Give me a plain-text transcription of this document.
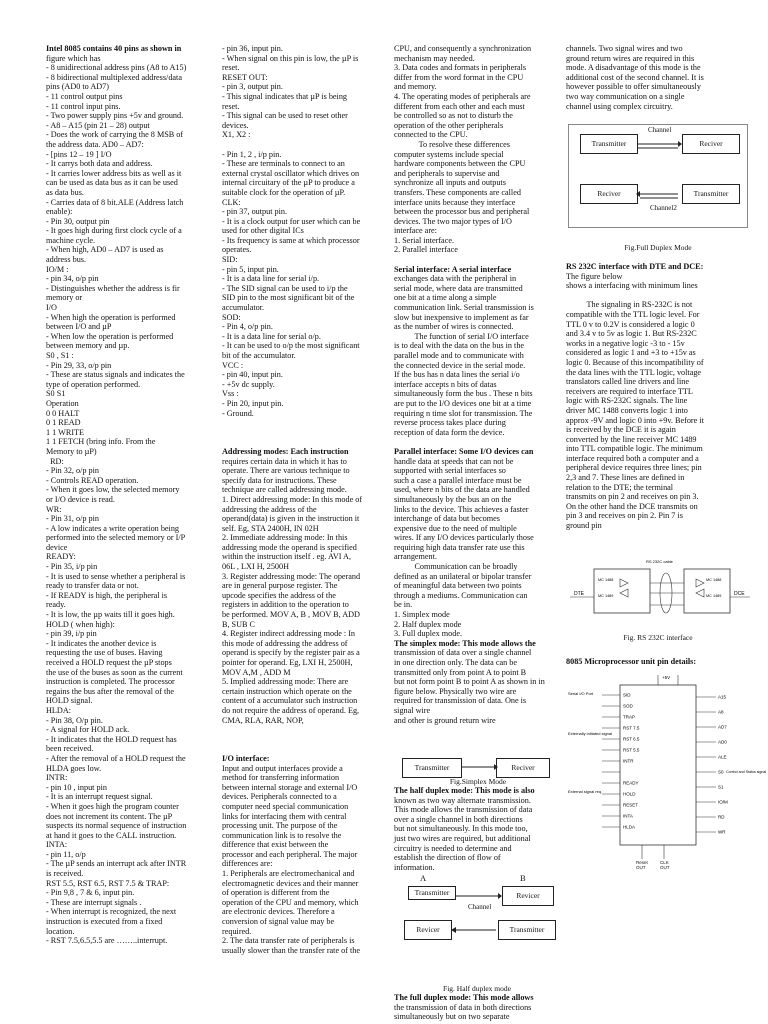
Intel 8085 contains 40 pins as shown in
figure which has
- 8 unidirectional address pins (A8 to A15)
- 8 bidirectional multiplexed address/data
pins (AD0 to AD7)
- 11 control output pins
- 11 control input pins.
- Two power supply pins +5v and ground.
- A8 – A15 (pin 21 – 28) output
- Does the work of carrying the 8 MSB of
the address data. AD0 – AD7:
- [pins 12 – 19 ] I/O
- It carrys both data and address.
- It carries lower address bits as well as it
can be used as data bus as it can be used
as data bus.
- Carries data of 8 bit.ALE (Address latch
enable):
- Pin 30, output pin
- It goes high during first clock cycle of a
machine cycle.
- When high, AD0 – AD7 is used as
address bus.
IO/M :
- pin 34, o/p pin
- Distinguishes whether the address is fir
memory or
I/O
- When high the operation is performed
between I/O and µP
- When low the operation is performed
between memory and µp.
S0 , S1 :
- Pin 29, 33, o/p pin
- These are status signals and indicates the
type of operation performed.
S0 S1
Operation
0 0 HALT
0 1 READ
1 1 WRITE
1 1 FETCH (bring info. From the
Memory to µP)
RD:
- Pin 32, o/p pin
- Controls READ operation.
- When it goes low, the selected memory
or I/O device is read.
WR:
- Pin 31, o/p pin
- A low indicates a write operation being
performed into the selected memory or I/P
device
READY:
- Pin 35, i/p pin
- It is used to sense whether a peripheral is
ready to transfer data or not.
- If READY is high, the peripheral is
ready.
- It is low, the µp waits till it goes high.
HOLD ( when high):
- pin 39, i/p pin
- It indicates the another device is
requesting the use of buses. Having
received a HOLD request the µP stops
the use of the buses as soon as the current
instruction is completed. The processor
regains the bus after the removal of the
HOLD signal.
HLDA:
- Pin 38, O/p pin.
- A signal for HOLD ack.
- It indicates that the HOLD request has
been received.
- After the removal of a HOLD request the
HLDA goes low.
INTR:
- pin 10 , input pin
- It is an interrupt request signal.
- When it goes high the program counter
does not increment its content. The µP
suspects its normal sequence of instruction
at hand it goes to the CALL instruction.
INTA:
- pin 11, o/p
- The µP sends an interrupt ack after INTR
is received.
RST 5.5, RST 6.5, RST 7.5 & TRAP:
- Pin 9,8 , 7 & 6, input pin.
- These are interrupt signals .
- When interrupt is recognized, the next
instruction is executed from a fixed
location.
- RST 7.5,6.5,5.5 are ……..interrupt.
- pin 36, input pin.
- When signal on this pin is low, the µP is
reset.
RESET OUT:
- pin 3, output pin.
- This signal indicates that µP is being
reset.
- This signal can be used to reset other
devices.
X1, X2 :
- Pin 1, 2 , i/p pin.
- These are terminals to connect to an
external crystal oscillator which drives on
internal circuitary of the µP to produce a
suitable clock for the operation of µP.
CLK:
- pin 37, output pin.
- It is a clock output for user which can be
used for other digital ICs
- Its frequency is same at which processor
operates.
SID:
- pin 5, input pin.
- It is a data line for serial i/p.
- The SID signal can be used to i/p the
SID pin to the most significant bit of the
accumulator.
SOD:
- Pin 4, o/p pin.
- It is a data line for serial o/p.
- It can be used to o/p the most significant
bit of the accumulator.
VCC :
- pin 40, input pin.
- +5v dc supply.
Vss :
- Pin 20, input pin.
- Ground.
Addressing modes: Each instruction
requires certain data in which it has to
operate. There are various technique to
specify data for instructions. These
technique are called addressing mode.
1. Direct addressing mode: In this mode of
addressing the address of the
operand(data) is given in the instruction it
self. Eg, STA 2400H, IN 02H
2. Immediate addressing mode: In this
addressing mode the operand is specified
within the instruction itself . eg. AVI A,
06L , LXI H, 2500H
3. Register addressing mode: The operand
are in general purpose register. The
upcode specifies the address of the
registers in addition to the operation to
be performed. MOV A, B , MOV B, ADD
B, SUB C
4. Register indirect addressing mode : In
this mode of addressing the address of
operand is specify by the register pair as a
pointer for operand. Eg, LXI H, 2500H,
MOV A,M , ADD M
5. Implied addressing mode: There are
certain instruction which operate on the
content of a accumulator such instruction
do not require the address of operand. Eg,
CMA, RLA, RAR, NOP,
I/O interface:
Input and output interfaces provide a
method for transferring information
between internal storage and external I/O
devices. Peripherals connected to a
computer need special communication
links for interfacing them with central
processing unit. The purpose of the
communication link is to resolve the
difference that exist between the
processor and each peripheral. The major
differences are:
1. Peripherals are electromechanical and
electromagnetic devices and their manner
of operation is different from the
operation of the CPU and memory, which
are electronic devices. Therefore a
conversion of signal value may be
required.
2. The data transfer rate of peripherals is
usually slower than the transfer rate of the
CPU, and consequently a synchronization
mechanism may needed.
3. Data codes and formats in peripherals
differ from the word format in the CPU
and memory.
4. The operating modes of peripherals are
different from each other and each must
be controlled so as not to disturb the
operation of the other peripherals
connected to the CPU.
To resolve these differences
computer systems include special
hardware components between the CPU
and peripherals to supervise and
synchronize all inputs and outputs
transfers. These components are called
interface units because they interface
between the processor bus and peripheral
devices. The two major types of I/O
interface are:
1. Serial interface.
2. Parallel interface
Serial interface: A serial interface
exchanges data with the peripheral in
serial mode, where data are transmitted
one bit at a time along a simple
communication link. Serial transmission is
slow but inexpensive to implement as far
as the number of wires is connected.
The function of serial I/O interface
is to deal with the data on the bus in the
parallel mode and to communicate with
the connected device in the serial mode.
If the bus has n data lines the serial i/o
interface accepts n bits of datas
simultaneously form the bus . These n bits
are put to the I/O devices one bit at a time
requiring n time slot for transmission. The
reverse process takes place during
reception of data form the device.
Parallel interface: Some I/O devices can
handle data at speeds that can not be
supported with serial interfaces so
such a case a parallel interface must be
used, where n bits of the data are handled
simultaneously by the bus an on the
links to the device. This achieves a faster
interchange of data but becomes
expensive due to the need of multiple
wires. If any I/O devices particularly those
requiring high data transfer rate use this
arrangement.
Communication can be broadly
defined as an unilateral or bipolar transfer
of meaningful data between two points
through a mediums. Communication can
be in.
1. Simplex mode
2. Half duplex mode
3. Full duplex mode.
The simplex mode: This mode allows the
transmission of data over a single channel
in one direction only. The data can be
transmitted only from point A to point B
but not form point B to point A as shown in in
figure below. Physically two wire are
required for transmission of data. One is
signal wire
and other is ground return wire
Transmitter	Reciver
Fig.Simplex Mode
The half duplex mode: This mode is also
known as two way alternate transmission.
This mode allows the transmission of data
over a single channel in both directions
but not simultaneously. In this mode too,
just two wires are required, but additional
circuitry is needed to determine and
establish the direction of flow of
information.
A	B
Transmitter	Revicer
Channel
Revicer	Transmitter
Fig. Half duplex mode
The full duplex mode: This mode allows
the transmission of data in both directions
simultaneously but on two separate
channels. Two signal wires and two
ground return wires are required in this
mode. A disadvantage of this mode is the
additional cost of the second channel. It is
however possible to offer simultaneously
two way communication on a single
channel using complex circuitry.
Transmitter	Reciver
Channel
Reciver	Transmitter
Channel2
Fig.Full Duplex Mode
RS 232C interface with DTE and DCE:
The figure below
shows a interfacing with minimum lines
The signaling in RS-232C is not
compatible with the TTL logic level. For
TTL 0 v to 0.2V is considered a logic 0
and 3.4 v to 5v as logic 1. But RS-232C
works in a negative logic -3 to - 15v
considered as logic 1 and +3 to +15v as
logic 0. Because of this incompatibility of
the data lines with the TTL logic, voltage
translators called line drivers and line
receivers are required to interface TTL
logic with RS-232C signals. The line
driver MC 1488 converts logic 1 into
approx -9V and logic 0 into +9v. Before it
is received by the DCE it is again
converted by the line receiver MC 1489
into TTL compatible logic. The minimum
interface required both a computer and a
peripheral device requires three lines; pin
2,3 and 7. These lines are defined in
relation to the DTE; the terminal
transmits on pin 2 and receives on pin 3.
On the other hand the DCE transmits on
pin 3 and receives on pin 2. Pin 7 is
ground pin
DTE	DCE
RS 232C cable
MC 1488
MC 1489
MC 1488
MC 1489
Fig. RS 232C interface
8085 Microprocessor unit pin details:
+5V
SID
SOD
TRAP
RST 7.5
RST 6.5
RST 5.5
INTR
READY
HOLD
RESET
INTA
HLDA
A15
A8
AD7
AD0
ALE
S0
S1
IO/M
RD
WR
Serial I/O Port
Externally initiated signal
External signal req.
Control and Status signal
Reset OUT
CLK OUT
